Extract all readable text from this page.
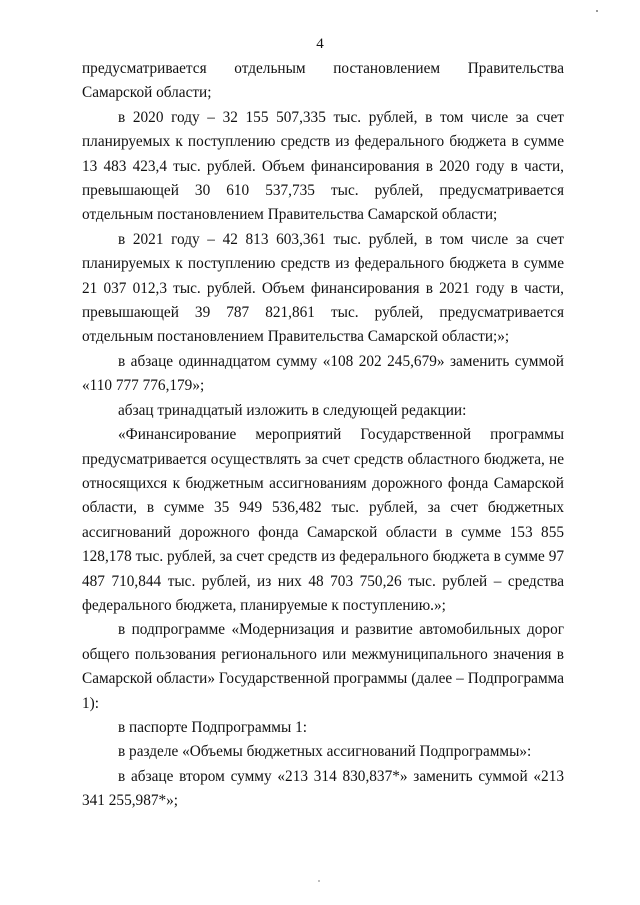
4

предусматривается отдельным постановлением Правительства Самарской области;

в 2020 году – 32 155 507,335 тыс. рублей, в том числе за счет планируемых к поступлению средств из федерального бюджета в сумме 13 483 423,4 тыс. рублей. Объем финансирования в 2020 году в части, превышающей 30 610 537,735 тыс. рублей, предусматривается отдельным постановлением Правительства Самарской области;

в 2021 году – 42 813 603,361 тыс. рублей, в том числе за счет планируемых к поступлению средств из федерального бюджета в сумме 21 037 012,3 тыс. рублей. Объем финансирования в 2021 году в части, превышающей 39 787 821,861 тыс. рублей, предусматривается отдельным постановлением Правительства Самарской области;»;

в абзаце одиннадцатом сумму «108 202 245,679» заменить суммой «110 777 776,179»;

абзац тринадцатый изложить в следующей редакции:

«Финансирование мероприятий Государственной программы предусматривается осуществлять за счет средств областного бюджета, не относящихся к бюджетным ассигнованиям дорожного фонда Самарской области, в сумме 35 949 536,482 тыс. рублей, за счет бюджетных ассигнований дорожного фонда Самарской области в сумме 153 855 128,178 тыс. рублей, за счет средств из федерального бюджета в сумме 97 487 710,844 тыс. рублей, из них 48 703 750,26 тыс. рублей – средства федерального бюджета, планируемые к поступлению.»;

в подпрограмме «Модернизация и развитие автомобильных дорог общего пользования регионального или межмуниципального значения в Самарской области» Государственной программы (далее – Подпрограмма 1):

в паспорте Подпрограммы 1:

в разделе «Объемы бюджетных ассигнований Подпрограммы»:

в абзаце втором сумму «213 314 830,837*» заменить суммой «213 341 255,987*»;
